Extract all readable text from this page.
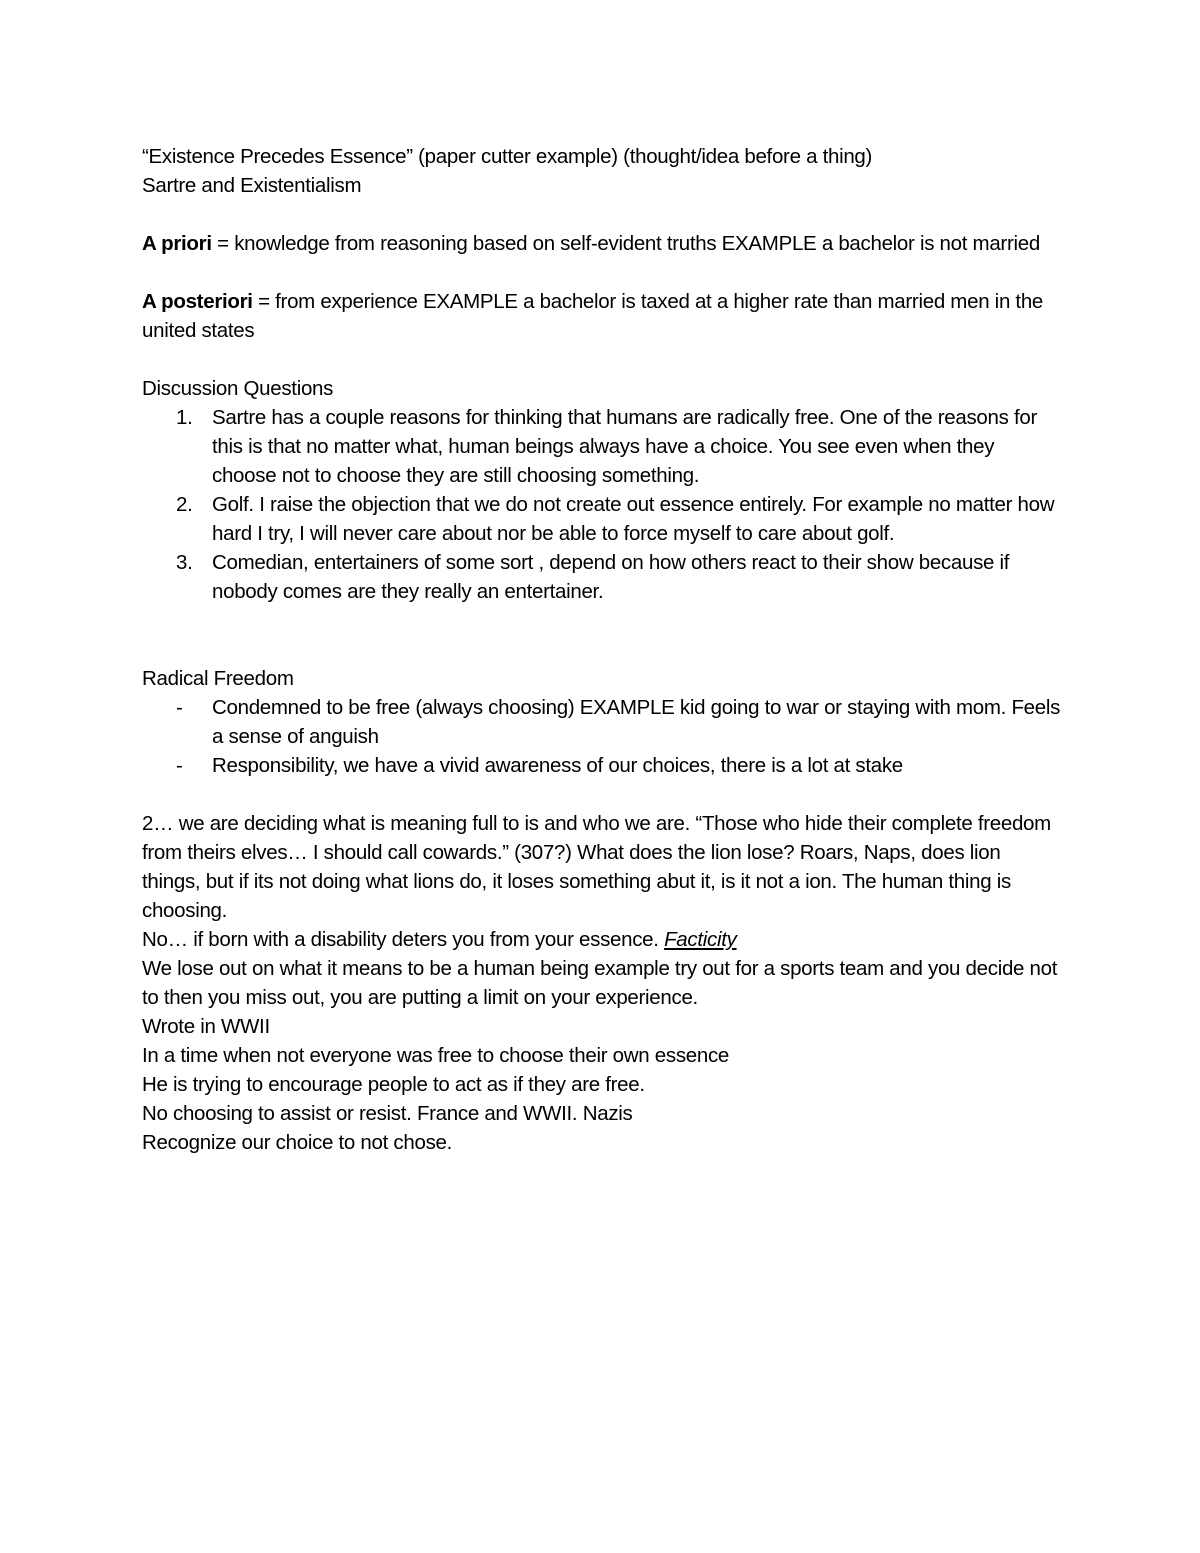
“Existence Precedes Essence” (paper cutter example) (thought/idea before a thing)

Sartre and Existentialism

A priori = knowledge from reasoning based on self-evident truths EXAMPLE a bachelor is not married

A posteriori = from experience EXAMPLE a bachelor is taxed at a higher rate than married men in the united states

Discussion Questions

1. Sartre has a couple reasons for thinking that humans are radically free. One of the reasons for this is that no matter what, human beings always have a choice. You see even when they choose not to choose they are still choosing something.
2. Golf. I raise the objection that we do not create out essence entirely. For example no matter how hard I try, I will never care about nor be able to force myself to care about golf.
3. Comedian, entertainers of some sort , depend on how others react to their show because if nobody comes are they really an entertainer.

Radical Freedom

- Condemned to be free (always choosing) EXAMPLE kid going to war or staying with mom. Feels a sense of anguish
- Responsibility, we have a vivid awareness of our choices, there is a lot at stake

2… we are deciding what is meaning full to is and who we are. “Those who hide their complete freedom from theirs elves… I should call cowards.” (307?) What does the lion lose? Roars, Naps, does lion things, but if its not doing what lions do, it loses something abut it, is it not a ion. The human thing is choosing.

No… if born with a disability deters you from your essence. Facticity

We lose out on what it means to be a human being example try out for a sports team and you decide not to then you miss out, you are putting a limit on your experience.

Wrote in WWII

In a time when not everyone was free to choose their own essence

He is trying to encourage people to act as if they are free.

No choosing to assist or resist. France and WWII. Nazis

Recognize our choice to not chose.
